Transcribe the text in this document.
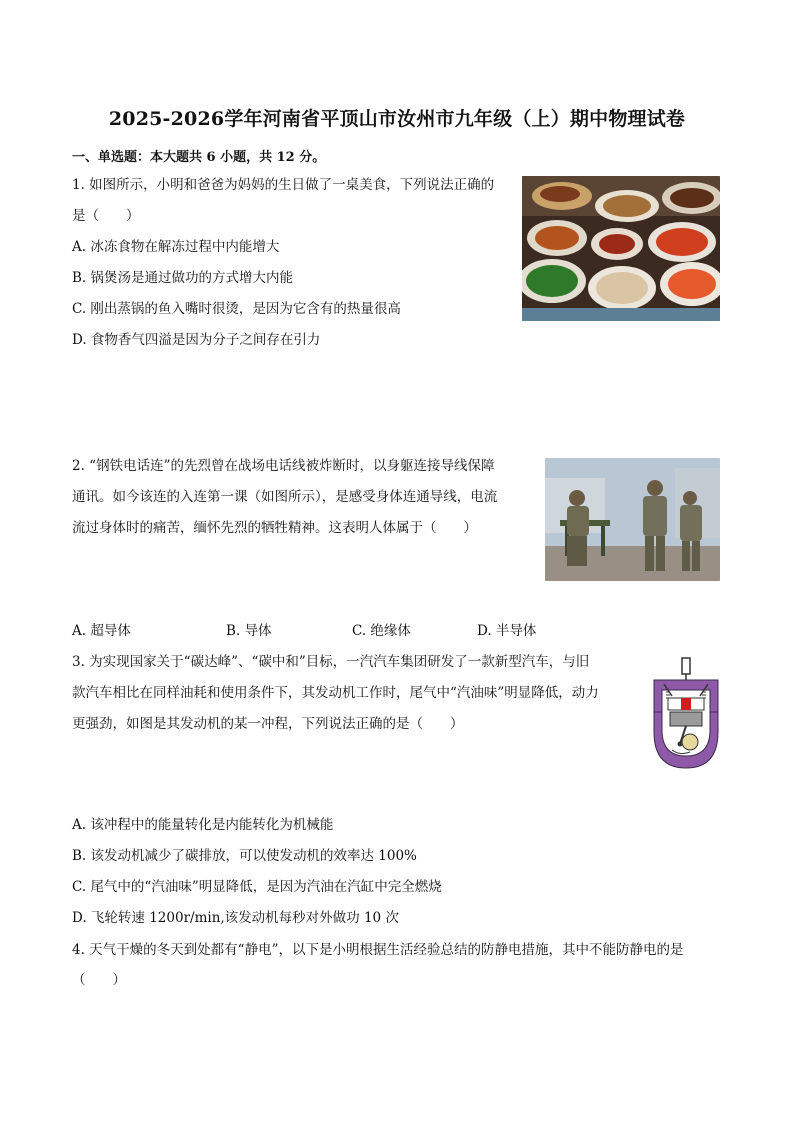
2025-2026学年河南省平顶山市汝州市九年级（上）期中物理试卷
一、单选题：本大题共 6 小题，共 12 分。
1. 如图所示，小明和爸爸为妈妈的生日做了一桌美食，下列说法正确的
是（　　）
A. 冰冻食物在解冻过程中内能增大
B. 锅煲汤是通过做功的方式增大内能
C. 刚出蒸锅的鱼入嘴时很烫，是因为它含有的热量很高
D. 食物香气四溢是因为分子之间存在引力
2. “钢铁电话连”的先烈曾在战场电话线被炸断时，以身躯连接导线保障
通讯。如今该连的入连第一课（如图所示），是感受身体连通导线，电流
流过身体时的痛苦，缅怀先烈的牺牲精神。这表明人体属于（　　）
A. 超导体	B. 导体	C. 绝缘体	D. 半导体
3. 为实现国家关于“碳达峰”、“碳中和”目标，一汽汽车集团研发了一款新型汽车，与旧
款汽车相比在同样油耗和使用条件下，其发动机工作时，尾气中“汽油味”明显降低，动力
更强劲，如图是其发动机的某一冲程，下列说法正确的是（　　）
A. 该冲程中的能量转化是内能转化为机械能
B. 该发动机减少了碳排放，可以使发动机的效率达 100%
C. 尾气中的“汽油味”明显降低，是因为汽油在汽缸中完全燃烧
D. 飞轮转速 1200r/min,该发动机每秒对外做功 10 次
4. 天气干燥的冬天到处都有“静电”，以下是小明根据生活经验总结的防静电措施，其中不能防静电的是
（　　）
